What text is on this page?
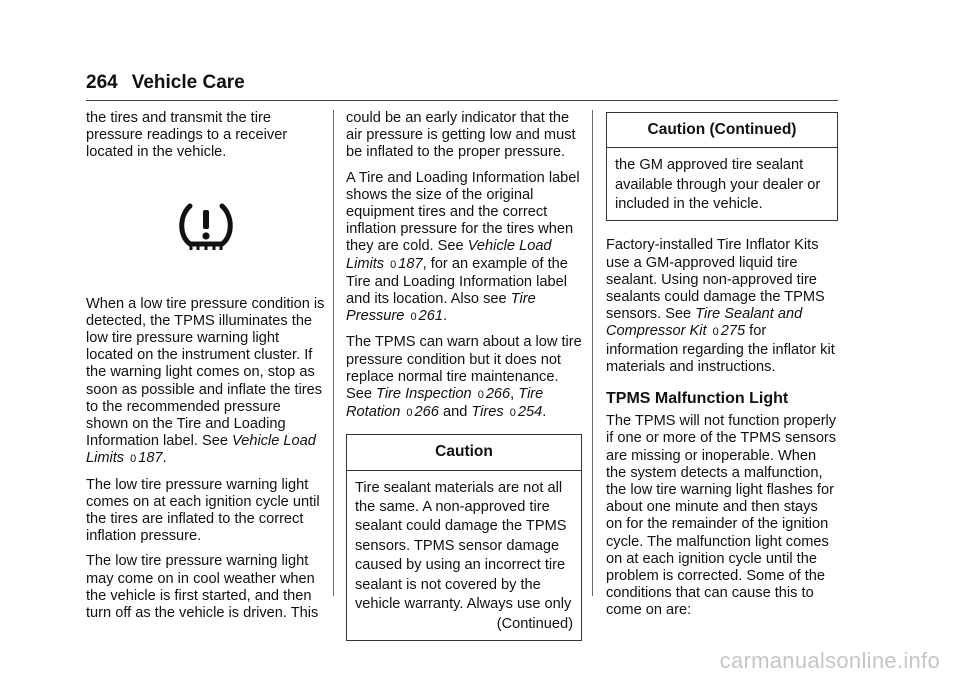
264 Vehicle Care

the tires and transmit the tire pressure readings to a receiver located in the vehicle.

When a low tire pressure condition is detected, the TPMS illuminates the low tire pressure warning light located on the instrument cluster. If the warning light comes on, stop as soon as possible and inflate the tires to the recommended pressure shown on the Tire and Loading Information label. See Vehicle Load Limits 0 187.

The low tire pressure warning light comes on at each ignition cycle until the tires are inflated to the correct inflation pressure.

The low tire pressure warning light may come on in cool weather when the vehicle is first started, and then turn off as the vehicle is driven. This

could be an early indicator that the air pressure is getting low and must be inflated to the proper pressure.

A Tire and Loading Information label shows the size of the original equipment tires and the correct inflation pressure for the tires when they are cold. See Vehicle Load Limits 0 187, for an example of the Tire and Loading Information label and its location. Also see Tire Pressure 0 261.

The TPMS can warn about a low tire pressure condition but it does not replace normal tire maintenance. See Tire Inspection 0 266, Tire Rotation 0 266 and Tires 0 254.

Caution
Tire sealant materials are not all the same. A non-approved tire sealant could damage the TPMS sensors. TPMS sensor damage caused by using an incorrect tire sealant is not covered by the vehicle warranty. Always use only
(Continued)
Caution (Continued)
the GM approved tire sealant available through your dealer or included in the vehicle.

Factory-installed Tire Inflator Kits use a GM-approved liquid tire sealant. Using non-approved tire sealants could damage the TPMS sensors. See Tire Sealant and Compressor Kit 0 275 for information regarding the inflator kit materials and instructions.

TPMS Malfunction Light

The TPMS will not function properly if one or more of the TPMS sensors are missing or inoperable. When the system detects a malfunction, the low tire warning light flashes for about one minute and then stays on for the remainder of the ignition cycle. The malfunction light comes on at each ignition cycle until the problem is corrected. Some of the conditions that can cause this to come on are:

carmanualsonline.info
